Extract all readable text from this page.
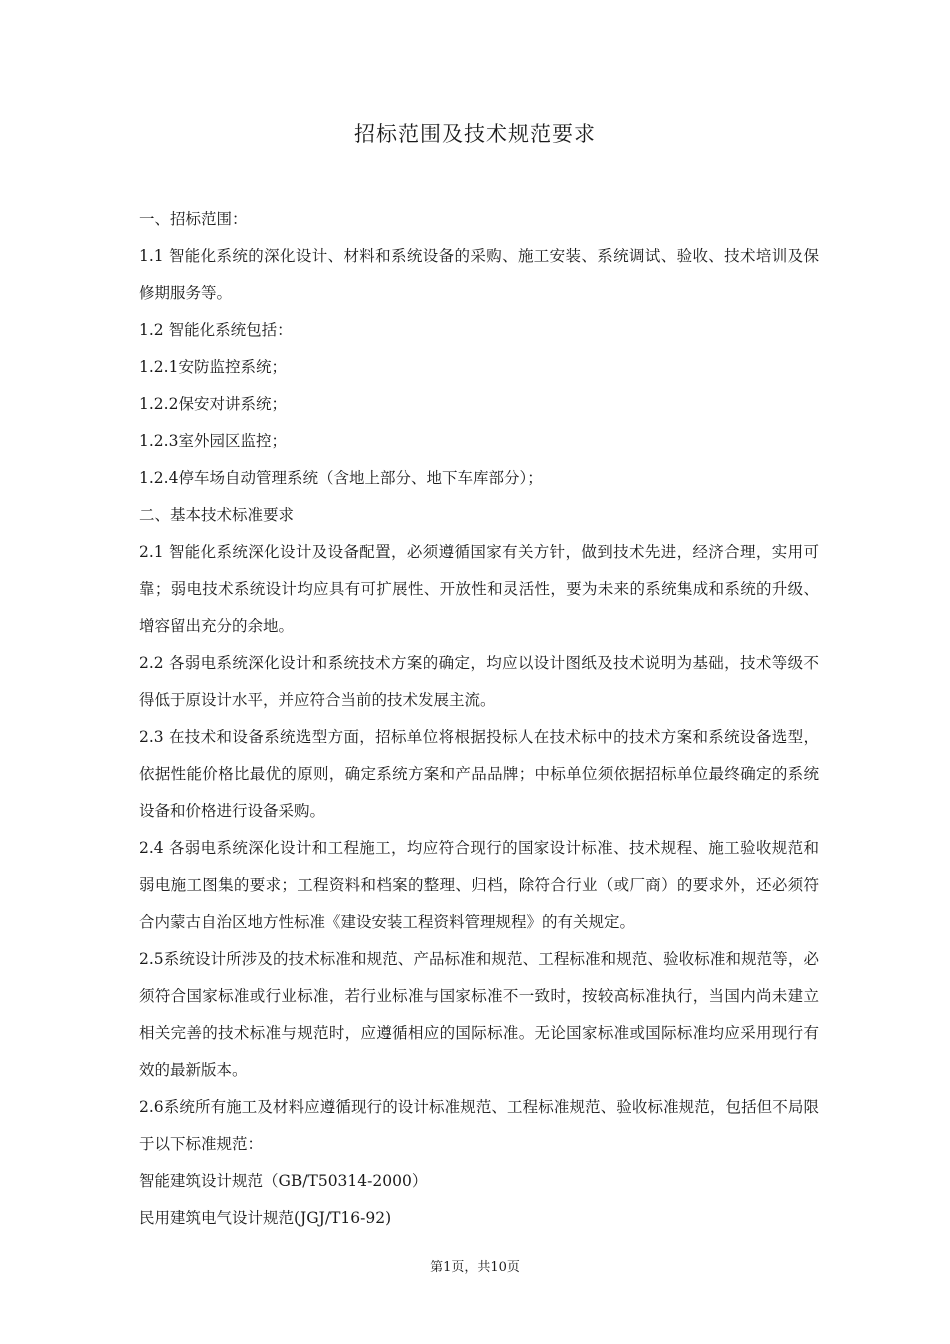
招标范围及技术规范要求

一、招标范围：

1.1 智能化系统的深化设计、材料和系统设备的采购、施工安装、系统调试、验收、技术培训及保修期服务等。

1.2 智能化系统包括：

1.2.1安防监控系统；

1.2.2保安对讲系统；

1.2.3室外园区监控；

1.2.4停车场自动管理系统（含地上部分、地下车库部分）；

二、基本技术标准要求

2.1 智能化系统深化设计及设备配置，必须遵循国家有关方针，做到技术先进，经济合理，实用可靠；弱电技术系统设计均应具有可扩展性、开放性和灵活性，要为未来的系统集成和系统的升级、增容留出充分的余地。

2.2 各弱电系统深化设计和系统技术方案的确定，均应以设计图纸及技术说明为基础，技术等级不得低于原设计水平，并应符合当前的技术发展主流。

2.3 在技术和设备系统选型方面，招标单位将根据投标人在技术标中的技术方案和系统设备选型，依据性能价格比最优的原则，确定系统方案和产品品牌；中标单位须依据招标单位最终确定的系统设备和价格进行设备采购。

2.4 各弱电系统深化设计和工程施工，均应符合现行的国家设计标准、技术规程、施工验收规范和弱电施工图集的要求；工程资料和档案的整理、归档，除符合行业（或厂商）的要求外，还必须符合内蒙古自治区地方性标准《建设安装工程资料管理规程》的有关规定。

2.5系统设计所涉及的技术标准和规范、产品标准和规范、工程标准和规范、验收标准和规范等，必须符合国家标准或行业标准，若行业标准与国家标准不一致时，按较高标准执行，当国内尚未建立相关完善的技术标准与规范时，应遵循相应的国际标准。无论国家标准或国际标准均应采用现行有效的最新版本。

2.6系统所有施工及材料应遵循现行的设计标准规范、工程标准规范、验收标准规范，包括但不局限于以下标准规范：

智能建筑设计规范（GB/T50314-2000）

民用建筑电气设计规范(JGJ/T16-92)

第1页，共10页
